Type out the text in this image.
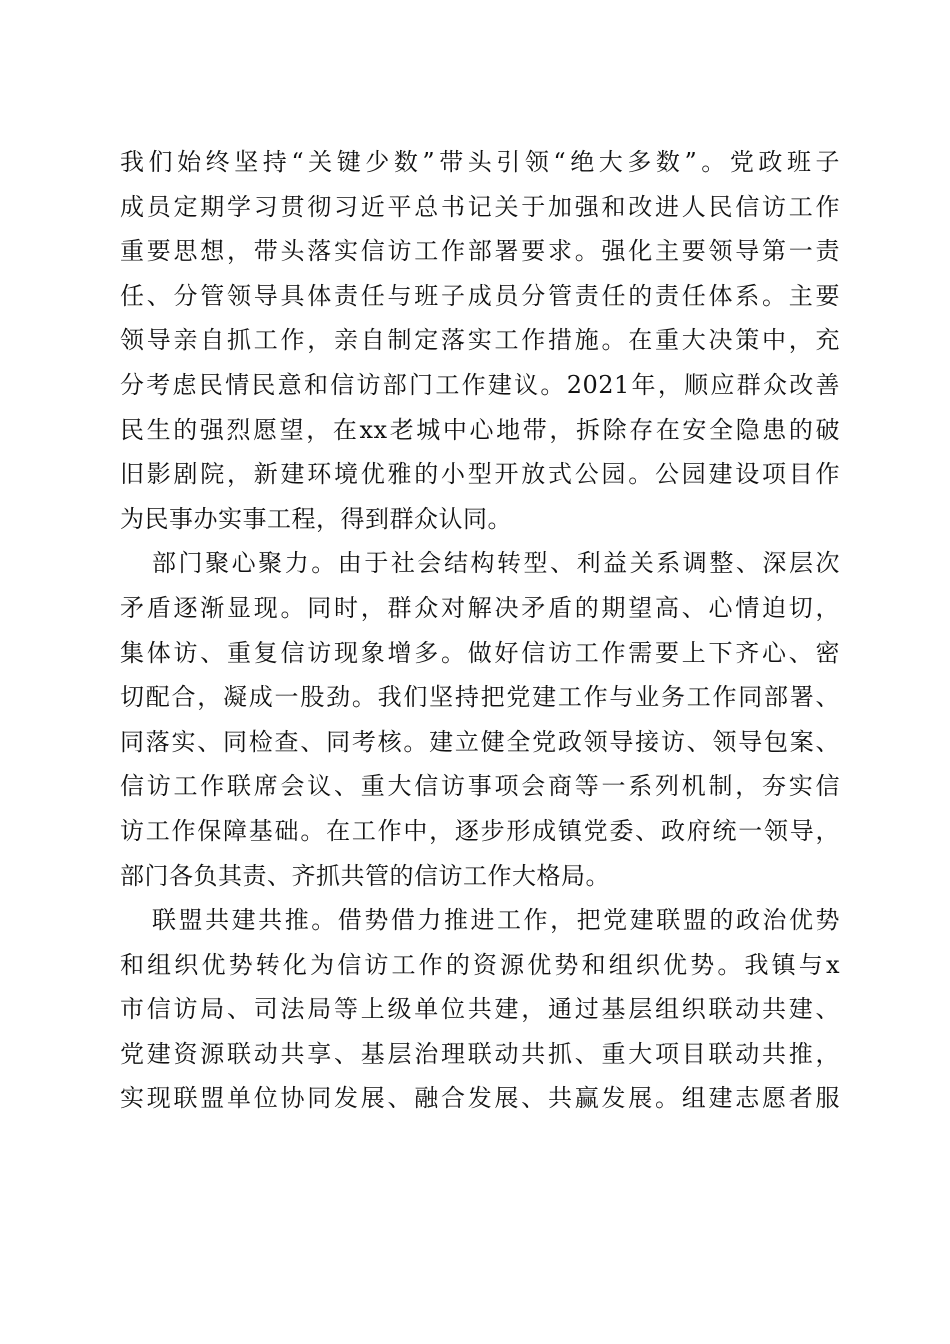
我们始终坚持“关键少数”带头引领“绝大多数”。党政班子
成员定期学习贯彻习近平总书记关于加强和改进人民信访工作
重要思想，带头落实信访工作部署要求。强化主要领导第一责
任、分管领导具体责任与班子成员分管责任的责任体系。主要
领导亲自抓工作，亲自制定落实工作措施。在重大决策中，充
分考虑民情民意和信访部门工作建议。2021年，顺应群众改善
民生的强烈愿望，在xx老城中心地带，拆除存在安全隐患的破
旧影剧院，新建环境优雅的小型开放式公园。公园建设项目作
为民事办实事工程，得到群众认同。
部门聚心聚力。由于社会结构转型、利益关系调整、深层次
矛盾逐渐显现。同时，群众对解决矛盾的期望高、心情迫切，
集体访、重复信访现象增多。做好信访工作需要上下齐心、密
切配合，凝成一股劲。我们坚持把党建工作与业务工作同部署、
同落实、同检查、同考核。建立健全党政领导接访、领导包案、
信访工作联席会议、重大信访事项会商等一系列机制，夯实信
访工作保障基础。在工作中，逐步形成镇党委、政府统一领导，
部门各负其责、齐抓共管的信访工作大格局。
联盟共建共推。借势借力推进工作，把党建联盟的政治优势
和组织优势转化为信访工作的资源优势和组织优势。我镇与x
市信访局、司法局等上级单位共建，通过基层组织联动共建、
党建资源联动共享、基层治理联动共抓、重大项目联动共推，
实现联盟单位协同发展、融合发展、共赢发展。组建志愿者服
